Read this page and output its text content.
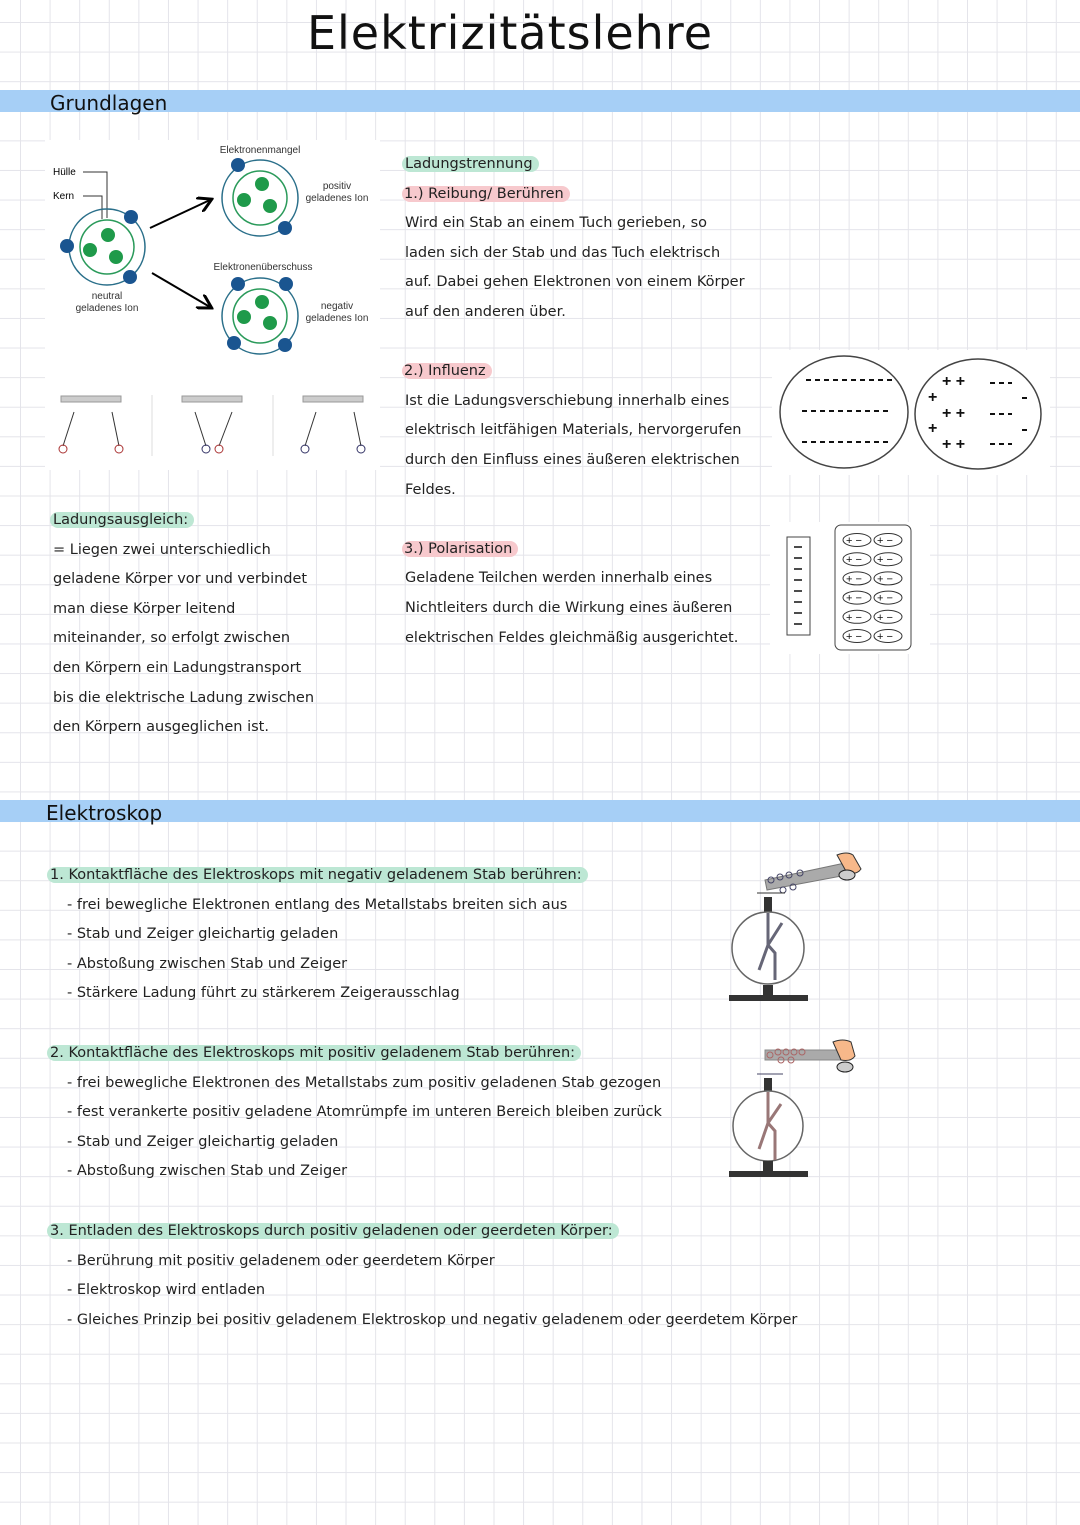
Elektrizitätslehre
Grundlagen
Hülle
Kern
neutral
geladenes Ion
Elektronenmangel
positiv
geladenes Ion
Elektronenüberschuss
negativ
geladenes Ion
Ladungsausgleich:
= Liegen zwei unterschiedlich
geladene Körper vor und verbindet
man diese Körper leitend
miteinander, so erfolgt zwischen
den Körpern ein Ladungstransport
bis die elektrische Ladung zwischen
den Körpern ausgeglichen ist.
Ladungstrennung
1.) Reibung/ Berühren
Wird ein Stab an einem Tuch gerieben, so
laden sich der Stab und das Tuch elektrisch
auf. Dabei gehen Elektronen von einem Körper
auf den anderen über.
2.) Influenz
Ist die Ladungsverschiebung innerhalb eines
elektrisch leitfähigen Materials, hervorgerufen
durch den Einfluss eines äußeren elektrischen
Feldes.
3.) Polarisation
Geladene Teilchen werden innerhalb eines
Nichtleiters durch die Wirkung eines äußeren
elektrischen Feldes gleichmäßig ausgerichtet.
+ +
+
+ +
+
+ +
+ − + −
+ − + −
+ − + −
+ − + −
+ − + −
+ − + −
Elektroskop
1. Kontaktfläche des Elektroskops mit negativ geladenem Stab berühren:
- frei bewegliche Elektronen entlang des Metallstabs breiten sich aus
- Stab und Zeiger gleichartig geladen
- Abstoßung zwischen Stab und Zeiger
- Stärkere Ladung führt zu stärkerem Zeigerausschlag
2. Kontaktfläche des Elektroskops mit positiv geladenem Stab berühren:
- frei bewegliche Elektronen des Metallstabs zum positiv geladenen Stab gezogen
- fest verankerte positiv geladene Atomrümpfe im unteren Bereich bleiben zurück
- Stab und Zeiger gleichartig geladen
- Abstoßung zwischen Stab und Zeiger
3. Entladen des Elektroskops durch positiv geladenen oder geerdeten Körper:
- Berührung mit positiv geladenem oder geerdetem Körper
- Elektroskop wird entladen
- Gleiches Prinzip bei positiv geladenem Elektroskop und negativ geladenem oder geerdetem Körper
